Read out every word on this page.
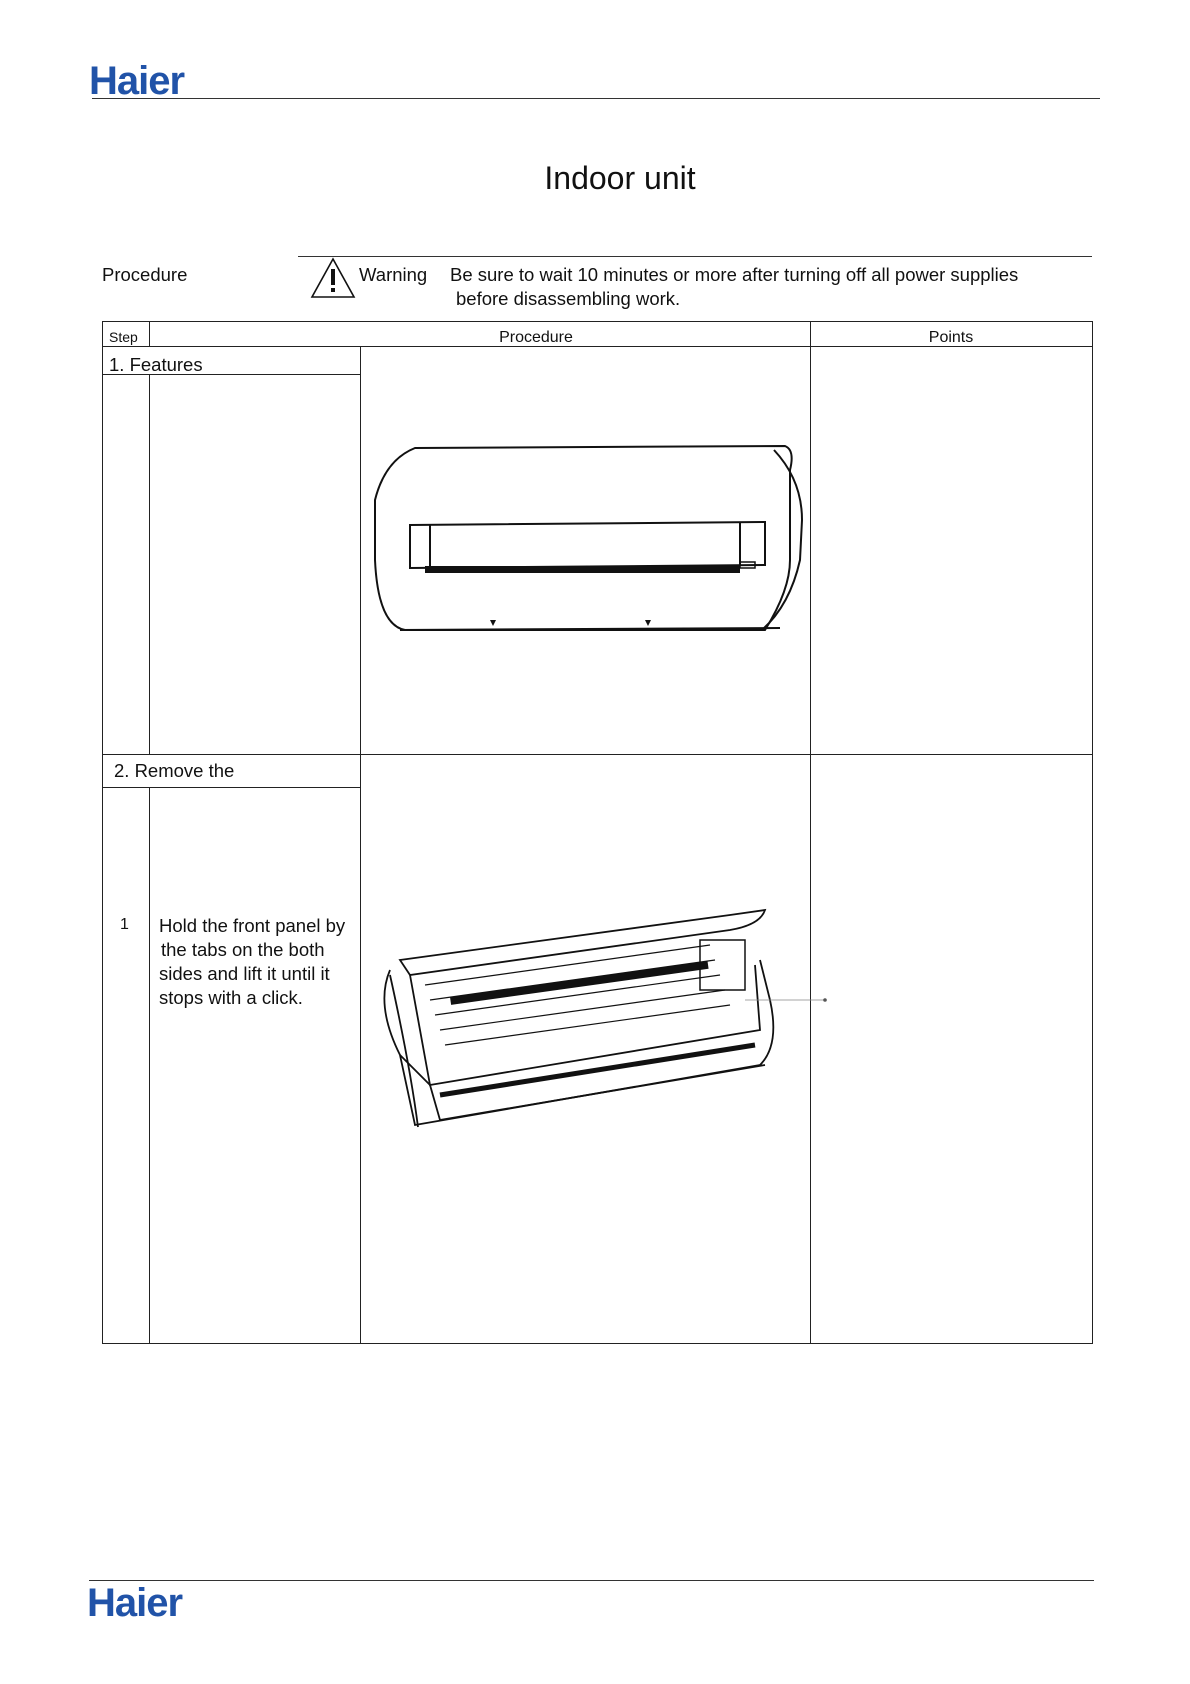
Haier
Indoor unit
Procedure	Warning Be sure to wait 10 minutes or more after turning off all power supplies
before disassembling work.
Step	Procedure	Points
1. Features
2. Remove the
1 Hold the front panel by
the tabs on the both
sides and lift it until it
stops with a click.
Haier
